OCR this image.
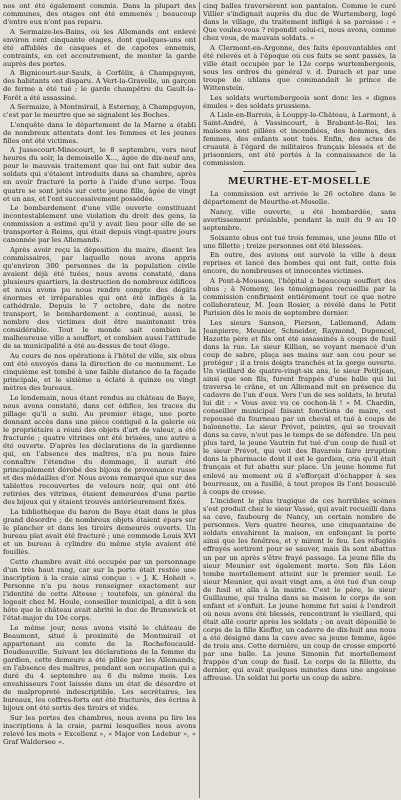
nos ont été également commis. Dans la plupart des communes, des otages ont été emmenés ; beaucoup d'entre eux n'ont pas reparu.

A Sermaize-les-Bains, où les Allemands ont enlevé environ cent cinquante otages, dont quelques-uns ont été affublés de casques et de capotes ennemis, contraints, en cet accoutrement, de monter la garde auprès des portes.

A Bignicourt-sur-Saulx, à Corfélix, à Champguyon, des habitants ont disparu. A Vert-la-Gravelle, un garçon de ferme a été tué ; le garde champêtre du Gault-la-Forêt a été assassiné.

A Sermaize, à Montmirail, à Esternay, à Champguyon, c'est par le meurtre que se signalent les Boches.

L'enquête dans le département de la Marne a établi de nombreux attentats dont les femmes et les jeunes filles ont été victimes.

A Jussecourt-Minecourt, le 8 septembre, vers neuf heures du soir, la demoiselle X..., âgée de dix-neuf ans, pour le mauvais traitement que lui ont fait subir des soldats qui s'étaient introduits dans sa chambre, après en avoir fracturé la porte à l'aide d'une serpe. Tous quatre se sont jetés sur cette jeune fille, âgée de vingt et un ans, et l'ont successivement possédée.

Le bombardement d'une ville ouverte constituant incontestablement une violation du droit des gens, la commission a estimé qu'il y avait lieu pour elle de se transporter à Reims, qui était depuis vingt-quatre jours canonnée par les Allemands.

Après avoir reçu la déposition du maire, disent les commissaires, par laquelle nous avons appris qu'environ 300 personnes de la population civile avaient déjà été tuées, nous avons constaté, dans plusieurs quartiers, la destruction de nombreux édifices et nous avons pu nous rendre compte des dégâts énormes et irréparables qui ont été infligés à la cathédrale. Depuis le 7 octobre, date de notre transport, le bombardement a continué, aussi, le nombre des victimes doit être maintenant très considérable. Tout le monde sait combien la malheureuse ville a souffert, et combien aussi l'attitude de sa municipalité a été au-dessus de tout éloge.

Au cours de nos opérations à l'hôtel de ville, six obus ont été envoyés dans la direction de ce monument. Le cinquième est tombé à une faible distance de la façade principale, et le sixième a éclaté à quinze ou vingt mètres des bureaux.

Le lendemain, nous étant rendus au château de Baye, nous avons constaté, dans cet édifice, les traces du pillage qu'il a subi. Au premier étage, une porte donnant accès dans une pièce contiguë à la galerie où le propriétaire a réuni des objets d'art de valeur, a été fracturée ; quatre vitrines ont été brisées, une autre a été ouverte. D'après les déclarations de la gardienne qui, en l'absence des maîtres, n'a pu nous faire connaître l'étendue du dommage, il aurait été principalement dérobé des bijoux de provenance russe et des médailles d'or. Nous avons remarqué que sur des tablettes recouvertes de velours noir, qui ont été retirées des vitrines, étaient demeurées d'une partie des bijoux qui y étaient trouvés antérieurement fixés.

La bibliothèque du baron de Baye était dans le plus grand désordre ; de nombreux objets étaient épars sur le plancher et dans les tiroirs demeurés ouverts. Un bureau plat avait été fracturé ; une commode Louis XVI et un bureau à cylindre du même style avaient été fouillés.

Cette chambre avait été occupée par un personnage d'un très haut rang, car sur la porte était restée une inscription à la craie ainsi conçue : « J. K. Hoheit ». Personne n'a pu nous renseigner exactement sur l'identité de cette Altesse ; toutefois, un général du logeait chez M. Houle, conseiller municipal, a dit à son hôte que le château avait abrité le duc de Brunswick et l'état-major du 10e corps.

Le même jour, nous avons visité le château de Beaumont, situé à proximité de Montmirail et appartenant au comte de la Rochefoucauld-Doudeauville. Suivant les déclarations de la femme du gardien, cette demeure a été pillée par les Allemands, en l'absence des maîtres, pendant son occupation qui a duré du 4 septembre au 6 du même mois. Les envahisseurs l'ont laissée dans un état de désordre et de malpropreté indescriptible. Les secrétaires, les bureaux, les coffres-forts ont été fracturés, des écrins à bijoux ont été sortis des tiroirs et vidés.

Sur les portes des chambres, nous avons pu lire les inscriptions à la craie, parmi lesquelles nous avons relevé les mots « Excellenz », « Major von Ledebur », « Graf Waldersee ».

cinq balles traversèrent son pantalon. Comme le curé Villier s'indignait auprès du duc de Wurtemberg, logé dans le village, du traitement infligé à sa paroisse : « Que voulez-vous ? répondit celui-ci, nous avons, comme chez vous, de mauvais soldats. »

A Clermont-en-Argonne, des faits épouvantables ont été relevés et à l'époque où ces faits se sont passés, la ville était occupée par le 12e corps wurtembergeois, sous les ordres du général v. d. Durach et par une troupe de uhlans que commandait le prince de Wittenstein.

Les soldats wurtembergeois sont donc les « dignes émules » des soldats prussiens.

A Lisle-en-Barrois, à Louppy-le-Château, à Larmont, à Saint-André, à Vassincourt, à Brabant-le-Roi, les maisons sont pillées et incendiées, des hommes, des femmes, des enfants sont tués. Enfin, des actes de cruauté à l'égard de militaires français blessés et de prisonniers, ont été portés à la connaissance de la commission.

MEURTHE-ET-MOSELLE

La commission est arrivée le 26 octobre dans le département de Meurthe-et-Moselle.

Nancy, ville ouverte, a été bombardée, sans avertissement préalable, pendant la nuit du 9 au 10 septembre.

Soixante obus ont tué trois femmes, une jeune fille et une fillette ; treize personnes ont été blessées.

En outre, des avions ont survolé la ville à deux reprises et lancé des bombes qui ont fait, cette fois encore, de nombreuses et innocentes victimes.

A Pont-à-Mousson, l'hôpital a beaucoup souffert des obus ; à Nomeny, les témoignages recueillis par la commission confirment entièrement tout ce que notre collaborateur, M. Jean Rosier, a révélé dans le Petit Parisien dès le mois de septembre dernier.

Les sieurs Sanson, Pierson, Lallemand, Adam Jeanpierre, Meunier, Schneider, Raymond, Duponcel, Hazotte père et fils ont été assassinés à coups de fusil dans la rue. Le sieur Killian, se voyant menacé d'un coup de sabre, plaça ses mains sur son cou pour se protéger ; il a trois doigts tranchés et la gorge ouverte. Un vieillard de quatre-vingt-six ans, le sieur Petitjean, ainsi que son fils, furent frappés d'une balle qui lui traversa le crâne, et un Allemand mit en présence du cadavre de l'un d'eux. Vers l'un de ses soldats, le brutal lui dit : « Vous avez vu ce cochon-là ! » M. Chardin, conseiller municipal faisant fonctions de maire, est repoussé du fourneau par un cheval et tué à coups de baïonnette. Le sieur Prévot, peintre, qui se trouvait dans sa cave, n'eut pas le temps de se défendre. Un peu plus tard, le jeune Vautrin fut tué d'un coup de fusil et le sieur Prévot, qui voit des Bavarois faire irruption dans la pharmacie dont il est le gardien, cria qu'il était français et fut abattu sur place. Un jeune homme fut enlevé au moment où il s'efforçait d'échapper à ses bourreaux, on a fusillé, à tout propos ils l'ont bousculé à coups de crosse.

L'incident le plus tragique de ces horribles scènes s'est produit chez le sieur Vassé, qui avait recueilli dans sa cave, faubourg de Nancy, un certain nombre de personnes. Vers quatre heures, une cinquantaine de soldats envahirent la maison, en enfonçant la porte ainsi que les fenêtres, et y mirent le feu. Les réfugiés effrayés sortirent pour se sauver, mais ils sont abattus un par un après s'être frayé passage. La jeune fille du sieur Meunier est également morte. Son fils Léon tombe mortellement atteint sur le premier seuil. Le sieur Meunier, qui avait vingt ans, a été tué d'un coup de fusil et alla à la mairie. C'est le père, le sieur Guillaume, qui traîna dans sa maison le corps de son enfant et s'enfuit. Le jeune homme fut saisi à l'endroit où nous avons été blessés, rencontrant le vieillard, qui était allé courir après les soldats ; on avait dépouillé le corps de la fille Kieffer, un cadavre de dix-huit ans nous a été désigné dans la cave avec sa jeune femme, âgée de trois ans. Cette dernière, un coup de crosse emporté par une balle. La jeune Simonin fut mortellement frappée d'un coup de fusil. Le corps de la fillette, du dernier, qui avait quelques minutes dans une angoisse affreuse. Un soldat lui porte un coup de sabre.
